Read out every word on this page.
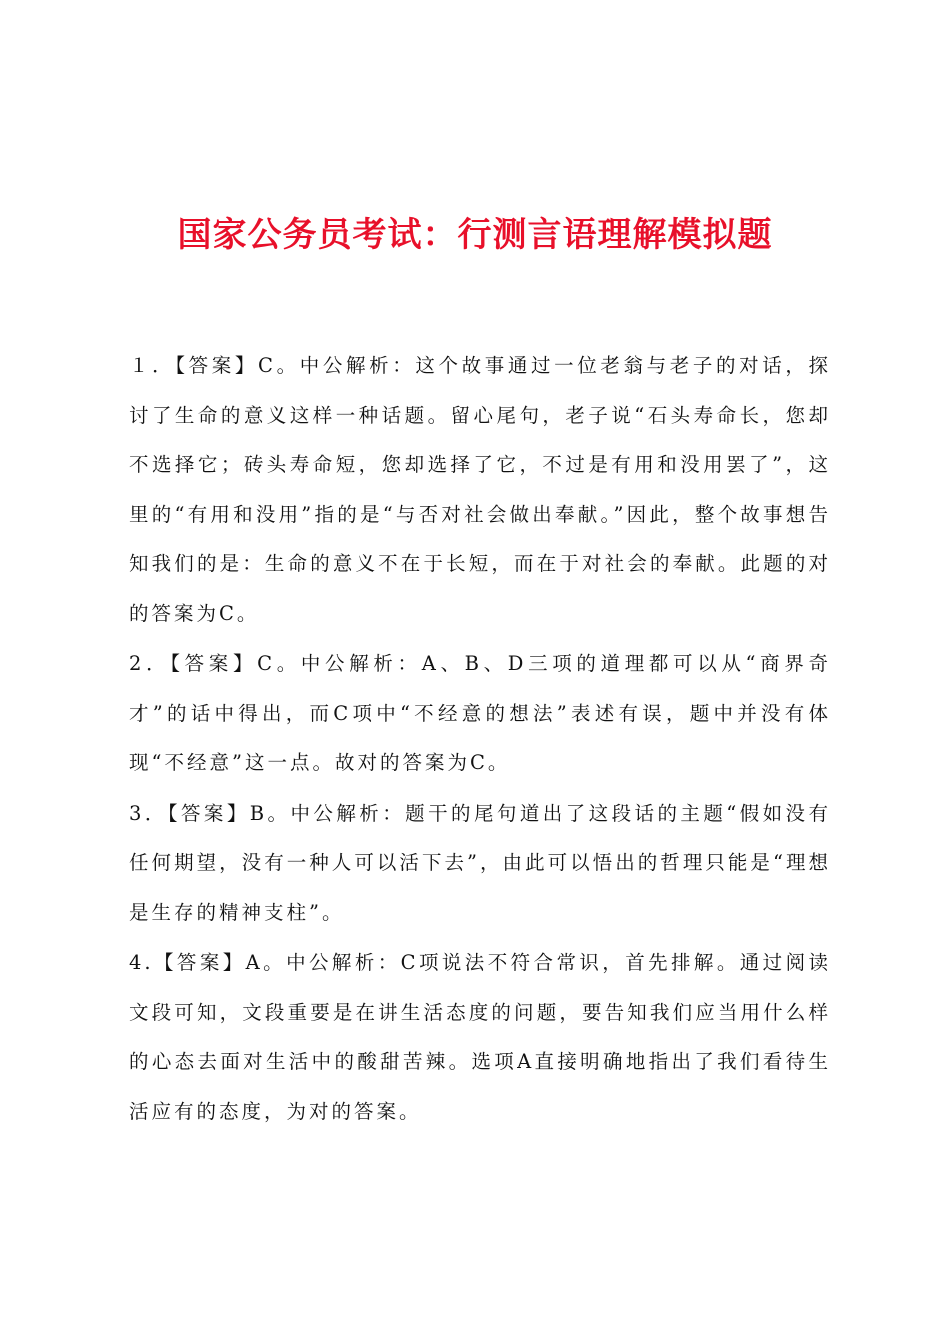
国家公务员考试：行测言语理解模拟题

１．【答案】C。中公解析：这个故事通过一位老翁与老子的对话，探讨了生命的意义这样一种话题。留心尾句，老子说“石头寿命长，您却不选择它；砖头寿命短，您却选择了它，不过是有用和没用罢了”，这里的“有用和没用”指的是“与否对社会做出奉献。”因此，整个故事想告知我们的是：生命的意义不在于长短，而在于对社会的奉献。此题的对的答案为C。

2．【答案】C。中公解析：A、B、D三项的道理都可以从“商界奇才”的话中得出，而C项中“不经意的想法”表述有误，题中并没有体现“不经意”这一点。故对的答案为C。

3．【答案】B。中公解析：题干的尾句道出了这段话的主题“假如没有任何期望，没有一种人可以活下去”，由此可以悟出的哲理只能是“理想是生存的精神支柱”。

4.【答案】A。中公解析：C项说法不符合常识，首先排解。通过阅读文段可知，文段重要是在讲生活态度的问题，要告知我们应当用什么样的心态去面对生活中的酸甜苦辣。选项A直接明确地指出了我们看待生活应有的态度，为对的答案。
